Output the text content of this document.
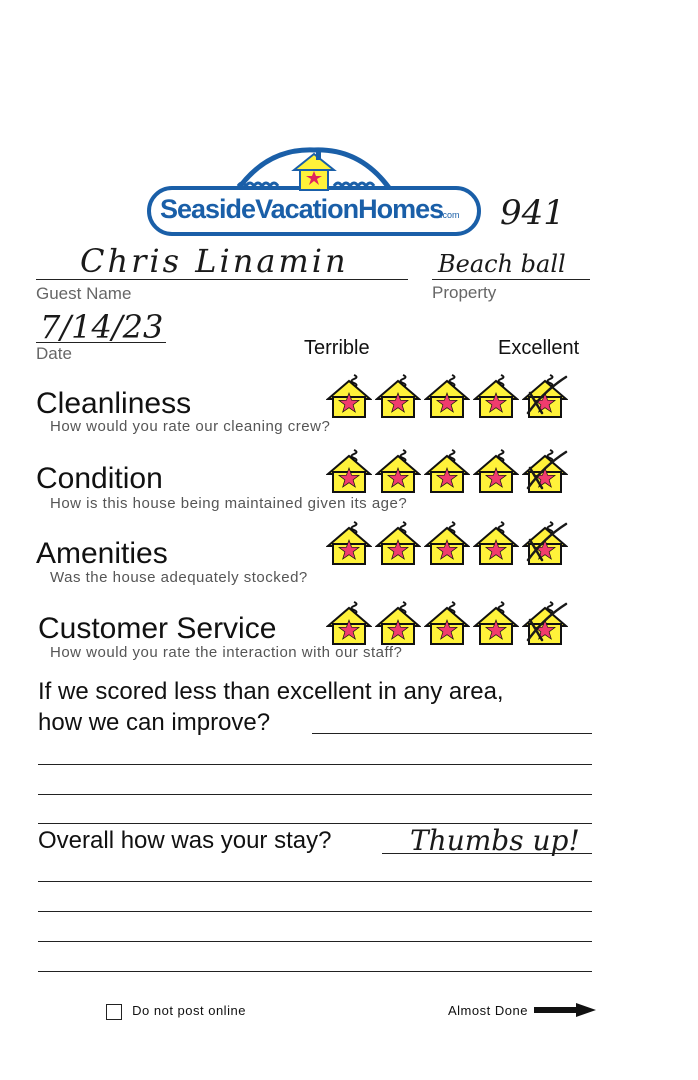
SeasideVacationHomes
.com 941
Chris Linamin
Guest Name
Beach ball
Property
7/14/23
Date	Terrible	Excellent
Cleanliness
How would you rate our cleaning crew?
Condition
How is this house being maintained given its age?
Amenities
Was the house adequately stocked?
Customer Service
How would you rate the interaction with our staff?
If we scored less than excellent in any area,
how we can improve?
Overall how was your stay?	Thumbs up!
Do not post online	Almost Done	Flip
